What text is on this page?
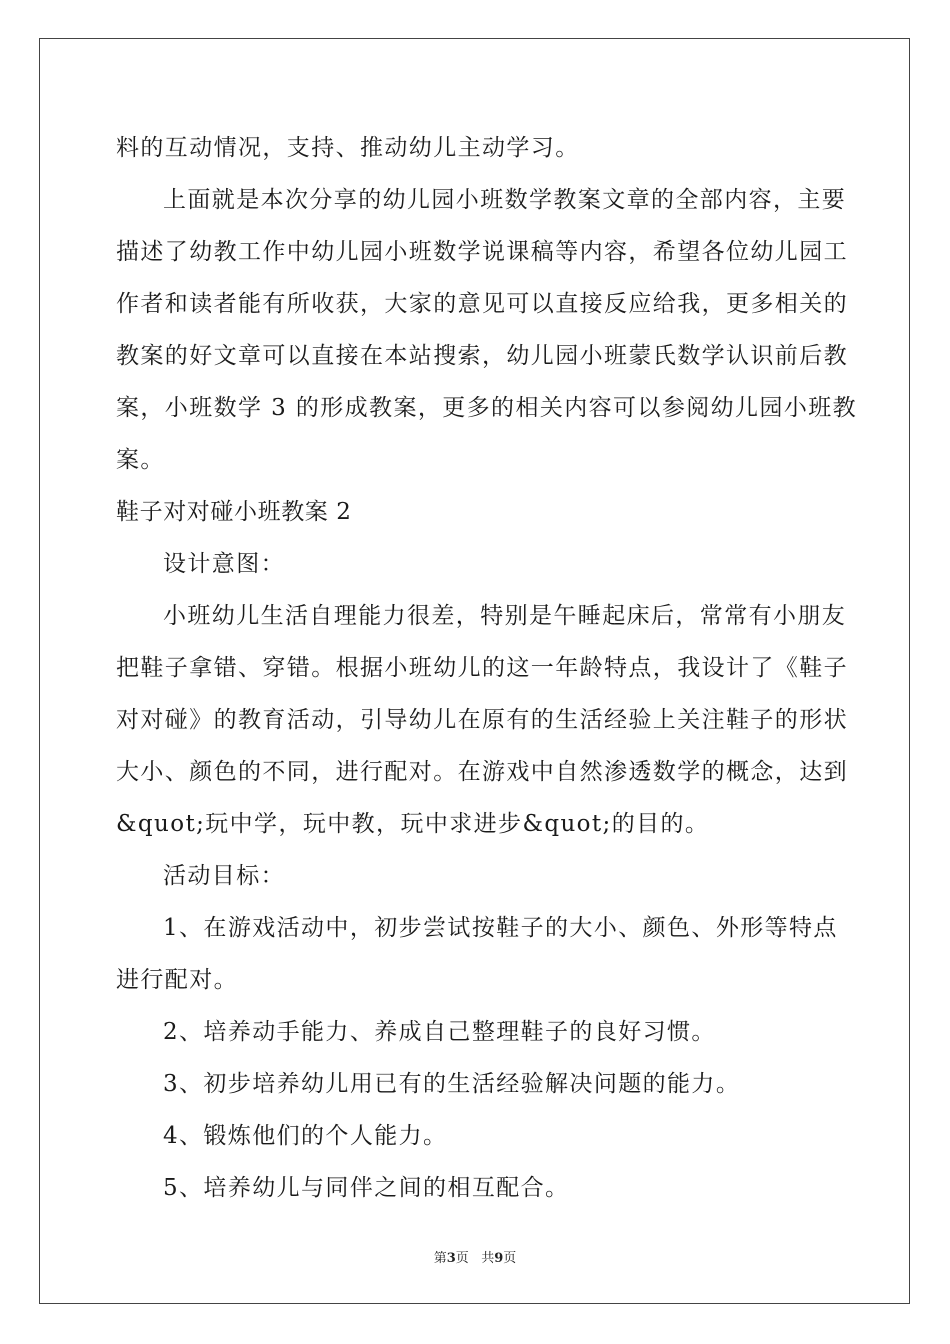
料的互动情况，支持、推动幼儿主动学习。
上面就是本次分享的幼儿园小班数学教案文章的全部内容，主要
描述了幼教工作中幼儿园小班数学说课稿等内容，希望各位幼儿园工
作者和读者能有所收获，大家的意见可以直接反应给我，更多相关的
教案的好文章可以直接在本站搜索，幼儿园小班蒙氏数学认识前后教
案，小班数学 3 的形成教案，更多的相关内容可以参阅幼儿园小班教
案。
鞋子对对碰小班教案 2
设计意图：
小班幼儿生活自理能力很差，特别是午睡起床后，常常有小朋友
把鞋子拿错、穿错。根据小班幼儿的这一年龄特点，我设计了《鞋子
对对碰》的教育活动，引导幼儿在原有的生活经验上关注鞋子的形状
大小、颜色的不同，进行配对。在游戏中自然渗透数学的概念，达到
&quot;玩中学，玩中教，玩中求进步&quot;的目的。
活动目标：
1、在游戏活动中，初步尝试按鞋子的大小、颜色、外形等特点
进行配对。
2、培养动手能力、养成自己整理鞋子的良好习惯。
3、初步培养幼儿用已有的生活经验解决问题的能力。
4、锻炼他们的个人能力。
5、培养幼儿与同伴之间的相互配合。
第3页 共9页
